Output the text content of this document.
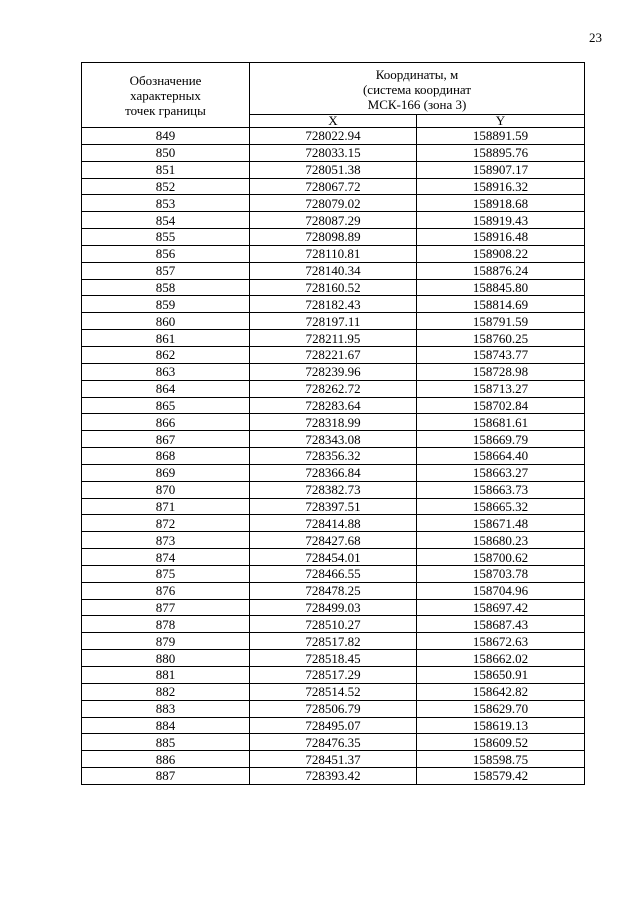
23
Обозначение
характерных
точек границы	Координаты, м
(система координат
МСК-166 (зона 3)	
	X	Y
849	728022.94	158891.59
850	728033.15	158895.76
851	728051.38	158907.17
852	728067.72	158916.32
853	728079.02	158918.68
854	728087.29	158919.43
855	728098.89	158916.48
856	728110.81	158908.22
857	728140.34	158876.24
858	728160.52	158845.80
859	728182.43	158814.69
860	728197.11	158791.59
861	728211.95	158760.25
862	728221.67	158743.77
863	728239.96	158728.98
864	728262.72	158713.27
865	728283.64	158702.84
866	728318.99	158681.61
867	728343.08	158669.79
868	728356.32	158664.40
869	728366.84	158663.27
870	728382.73	158663.73
871	728397.51	158665.32
872	728414.88	158671.48
873	728427.68	158680.23
874	728454.01	158700.62
875	728466.55	158703.78
876	728478.25	158704.96
877	728499.03	158697.42
878	728510.27	158687.43
879	728517.82	158672.63
880	728518.45	158662.02
881	728517.29	158650.91
882	728514.52	158642.82
883	728506.79	158629.70
884	728495.07	158619.13
885	728476.35	158609.52
886	728451.37	158598.75
887	728393.42	158579.42
